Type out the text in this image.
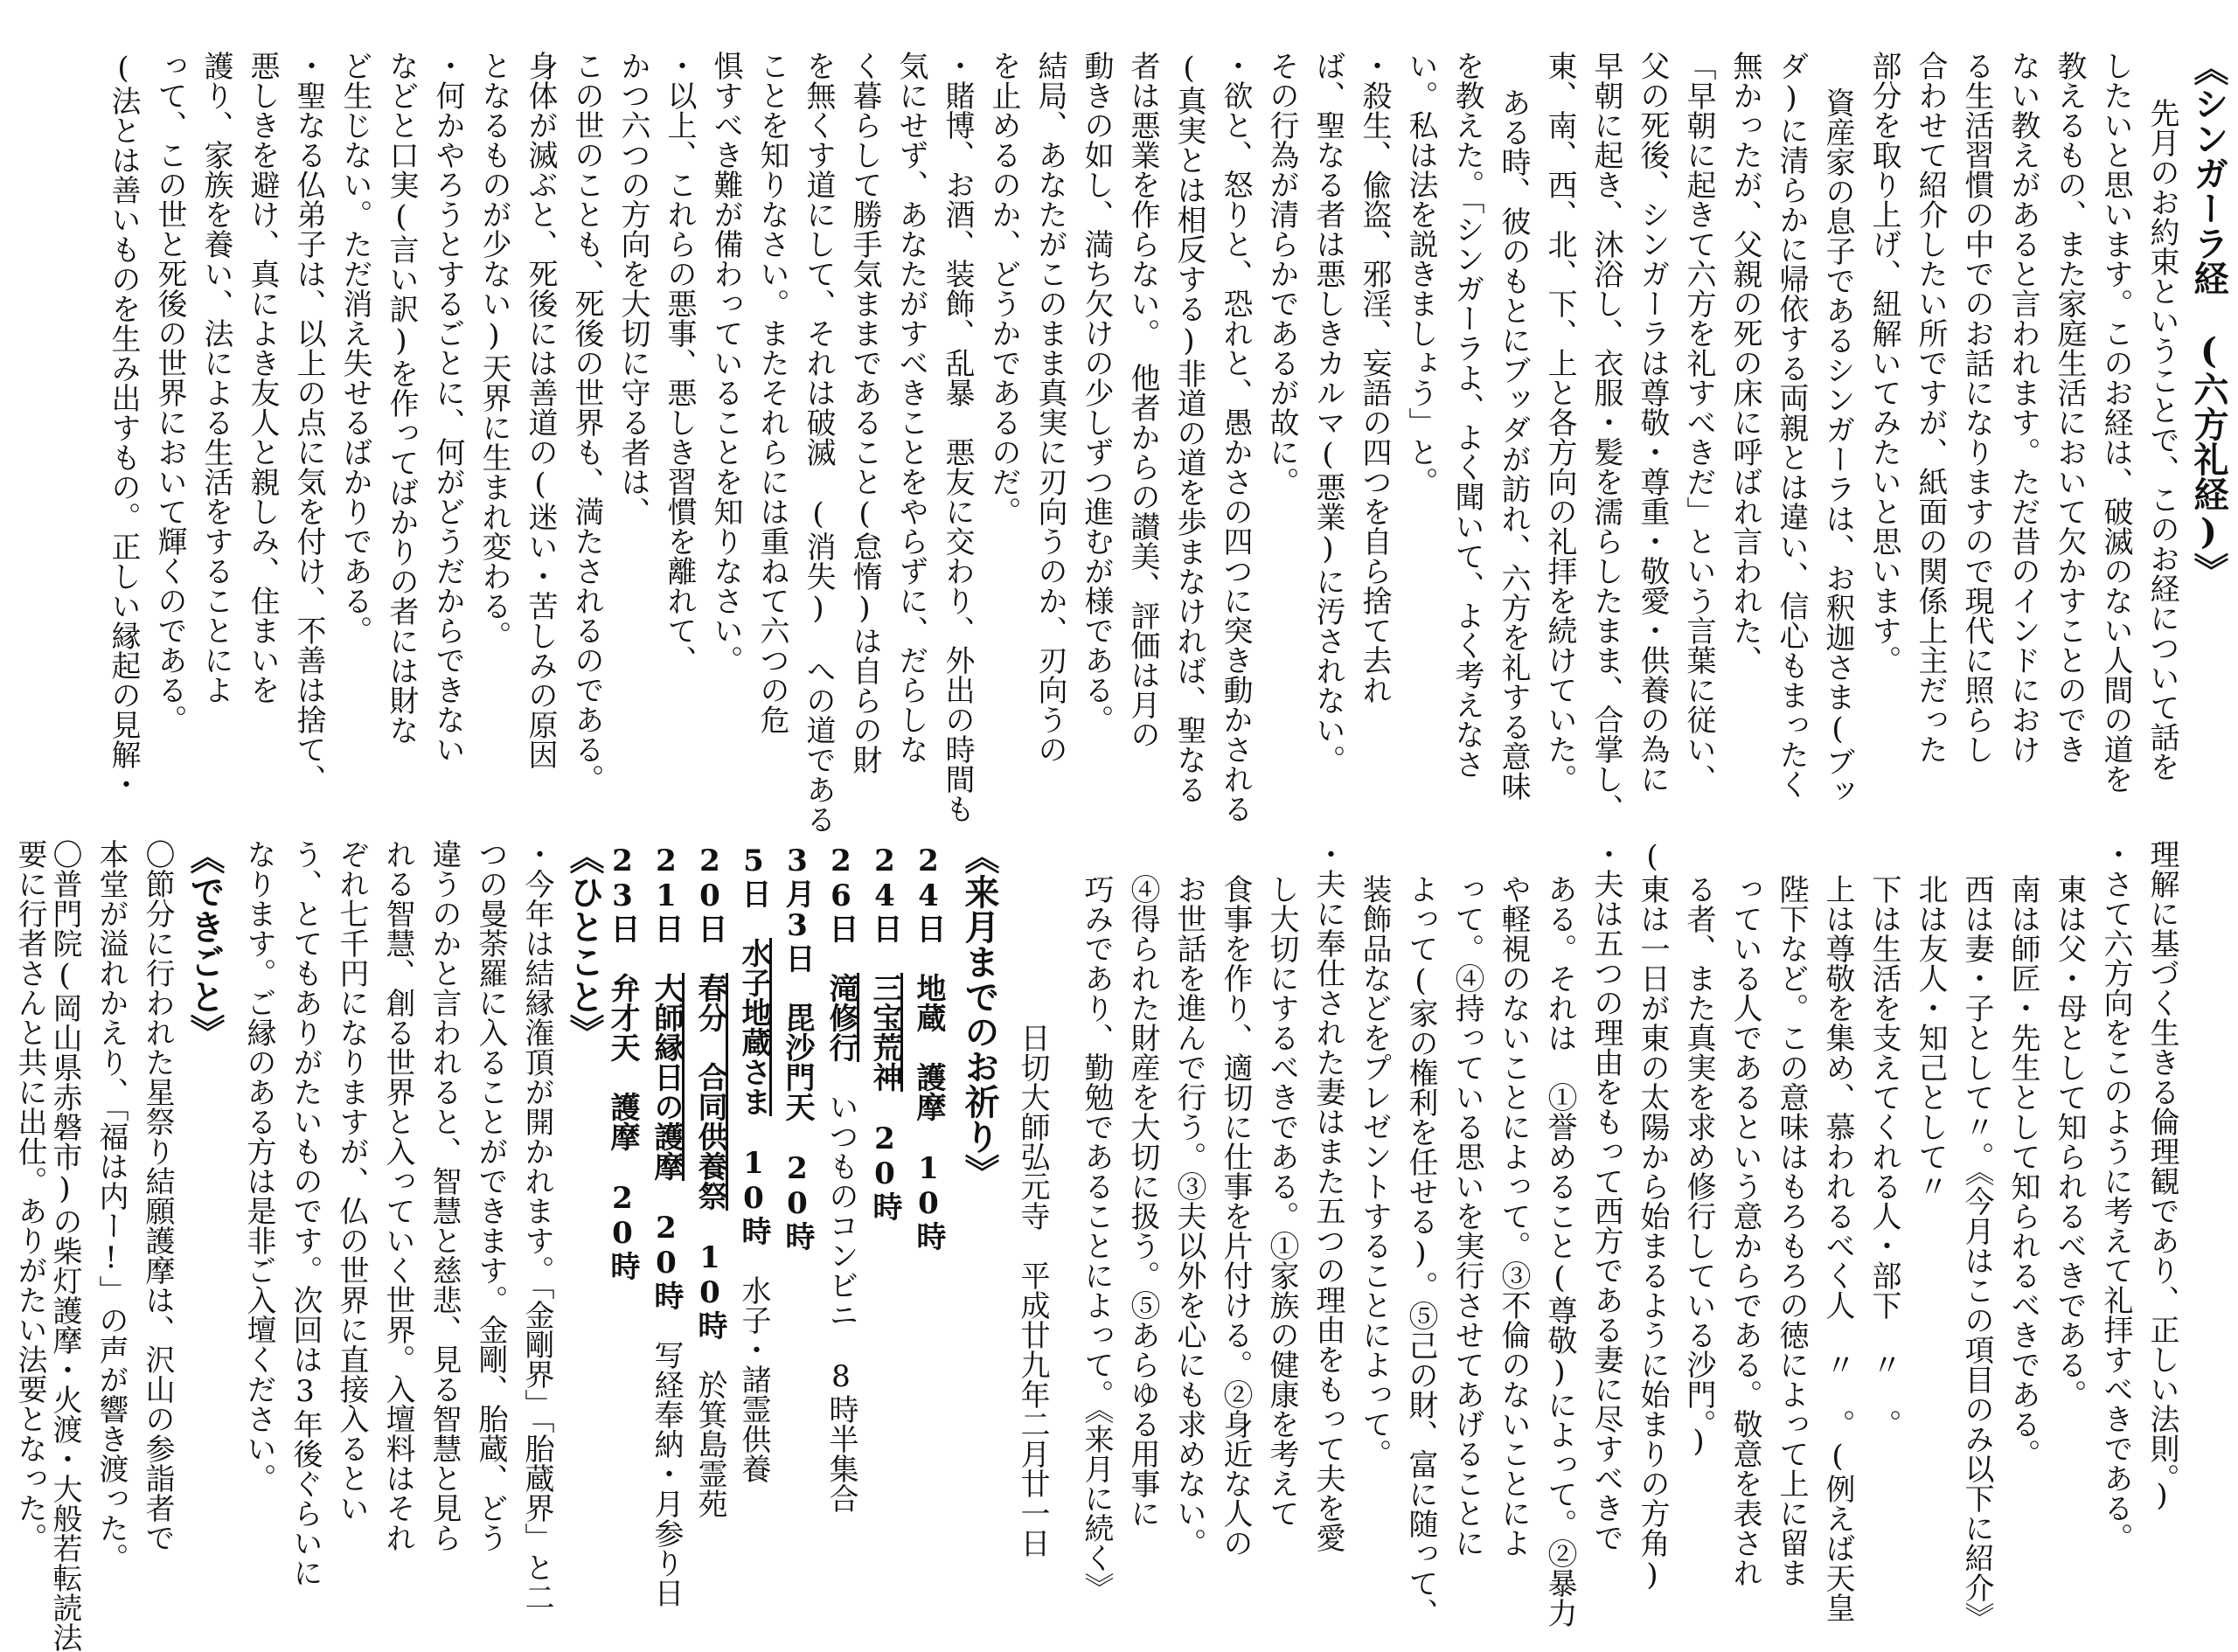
《シンガーラ経　(六方礼経)》
先月のお約束ということで、このお経について話を
したいと思います。このお経は、破滅のない人間の道を
教えるもの、また家庭生活において欠かすことのでき
ない教えがあると言われます。ただ昔のインドにおけ
る生活習慣の中でのお話になりますので現代に照らし
合わせて紹介したい所ですが、紙面の関係上主だった
部分を取り上げ、紐解いてみたいと思います。
資産家の息子であるシンガーラは、お釈迦さま(ブッ
ダ)に清らかに帰依する両親とは違い、信心もまったく
無かったが、父親の死の床に呼ばれ言われた、
「早朝に起きて六方を礼すべきだ」という言葉に従い、
父の死後、シンガーラは尊敬・尊重・敬愛・供養の為に
早朝に起き、沐浴し、衣服・髪を濡らしたまま、合掌し、
東、南、西、北、下、上と各方向の礼拝を続けていた。
ある時、彼のもとにブッダが訪れ、六方を礼する意味
を教えた。「シンガーラよ、よく聞いて、よく考えなさ
い。私は法を説きましょう」と。
・殺生、偸盗、邪淫、妄語の四つを自ら捨て去れ
ば、聖なる者は悪しきカルマ(悪業)に汚されない。
その行為が清らかであるが故に。
・欲と、怒りと、恐れと、愚かさの四つに突き動かされる
(真実とは相反する)非道の道を歩まなければ、聖なる
者は悪業を作らない。　他者からの讃美、評価は月の
動きの如し、満ち欠けの少しずつ進むが様である。
結局、あなたがこのまま真実に刃向うのか、刃向うの
を止めるのか、どうかであるのだ。
・賭博、お酒、装飾、乱暴　悪友に交わり、外出の時間も
気にせず、あなたがすべきことをやらずに、だらしな
く暮らして勝手気ままであること(怠惰)は自らの財
を無くす道にして、それは破滅　(消失)　への道である
ことを知りなさい。またそれらには重ねて六つの危
惧すべき難が備わっていることを知りなさい。
・以上、これらの悪事、悪しき習慣を離れて、
かつ六つの方向を大切に守る者は、
この世のことも、死後の世界も、満たされるのである。
身体が滅ぶと、死後には善道の(迷い・苦しみの原因
となるものが少ない)天界に生まれ変わる。
・何かやろうとするごとに、何がどうだからできない
などと口実(言い訳)を作ってばかりの者には財な
ど生じない。ただ消え失せるばかりである。
・聖なる仏弟子は、以上の点に気を付け、不善は捨て、
悪しきを避け、真によき友人と親しみ、住まいを
護り、家族を養い、法による生活をすることによ
って、この世と死後の世界において輝くのである。
(法とは善いものを生み出すもの。正しい縁起の見解・
理解に基づく生きる倫理観であり、正しい法則。)
・さて六方向をこのように考えて礼拝すべきである。
東は父・母として知られるべきである。
南は師匠・先生として知られるべきである。
西は妻・子として〃。《今月はこの項目のみ以下に紹介》
北は友人・知己として〃
下は生活を支えてくれる人・部下　〃　。
上は尊敬を集め、慕われるべく人　〃　。(例えば天皇
陛下など。この意味はもろもろの徳によって上に留ま
っている人であるという意からである。敬意を表され
る者、また真実を求め修行している沙門。)
(東は一日が東の太陽から始まるように始まりの方角)
・夫は五つの理由をもって西方である妻に尽すべきで
ある。それは　①誉めること(尊敬)によって。②暴力
や軽視のないことによって。③不倫のないことによ
って。④持っている思いを実行させてあげることに
よって(家の権利を任せる)。⑤己の財、富に随って、
装飾品などをプレゼントすることによって。
・夫に奉仕された妻はまた五つの理由をもって夫を愛
し大切にするべきである。①家族の健康を考えて
食事を作り、適切に仕事を片付ける。②身近な人の
お世話を進んで行う。③夫以外を心にも求めない。
④得られた財産を大切に扱う。⑤あらゆる用事に
巧みであり、勤勉であることによって。《来月に続く》
日切大師弘元寺　平成廿九年二月廿一日
《来月までのお祈り》
24日　地蔵　護摩　10時
24日　三宝荒神　20時
26日　滝修行　いつものコンビニ　8時半集合
3月3日　毘沙門天　20時
5日　水子地蔵さま　10時　水子・諸霊供養
20日　春分　合同供養祭　10時　於箕島霊苑
21日　大師縁日の護摩　20時　写経奉納・月参り日
23日　弁才天　護摩　20時
《ひとこと》
・今年は結縁潅頂が開かれます。「金剛界」「胎蔵界」と二
つの曼荼羅に入ることができます。金剛、胎蔵、どう
違うのかと言われると、智慧と慈悲、見る智慧と見ら
れる智慧、創る世界と入っていく世界。入壇料はそれ
ぞれ七千円になりますが、仏の世界に直接入るとい
う、とてもありがたいものです。次回は3年後ぐらいに
なります。ご縁のある方は是非ご入壇ください。
《できごと》
〇節分に行われた星祭り結願護摩は、沢山の参詣者で
本堂が溢れかえり、「福は内ー!」の声が響き渡った。
〇普門院(岡山県赤磐市)の柴灯護摩・火渡・大般若転読法
要に行者さんと共に出仕。ありがたい法要となった。
